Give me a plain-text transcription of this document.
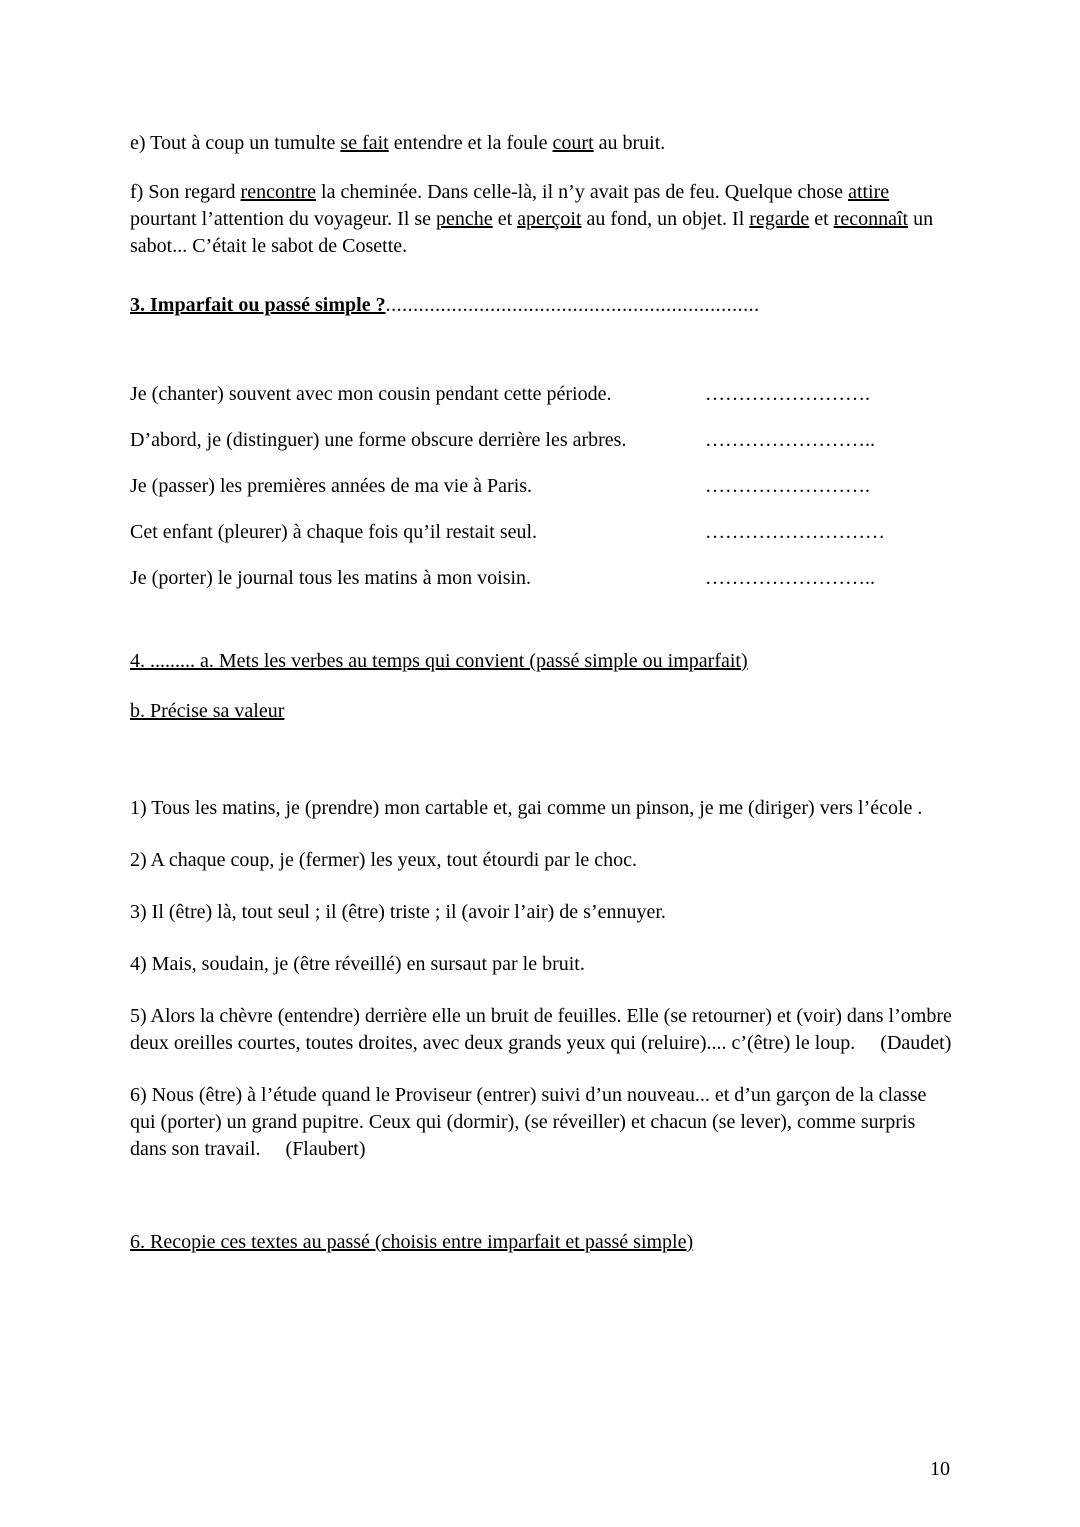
e) Tout à coup un tumulte se fait entendre et la foule court au bruit.

f) Son regard rencontre la cheminée. Dans celle-là, il n’y avait pas de feu. Quelque chose attire pourtant l’attention du voyageur. Il se penche et aperçoit au fond, un objet. Il regarde et reconnaît un sabot... C’était le sabot de Cosette.

3. Imparfait ou passé simple ?....................................................................
Je (chanter) souvent avec mon cousin pendant cette période.	…………………….
D’abord, je (distinguer) une forme obscure derrière les arbres.	……………………..
Je (passer) les premières années de ma vie à Paris.	…………………….
Cet enfant (pleurer) à chaque fois qu’il restait seul.	………………………
Je (porter) le journal tous les matins à mon voisin.	……………………..

4. ......... a. Mets les verbes au temps qui convient (passé simple ou imparfait)

b. Précise sa valeur

1) Tous les matins, je (prendre) mon cartable et, gai comme un pinson, je me (diriger) vers l’école .

2) A chaque coup, je (fermer) les yeux, tout étourdi par le choc.

3) Il (être) là, tout seul ; il (être) triste ; il (avoir l’air) de s’ennuyer.

4) Mais, soudain, je (être réveillé) en sursaut par le bruit.

5) Alors la chèvre (entendre) derrière elle un bruit de feuilles. Elle (se retourner) et (voir) dans l’ombre deux oreilles courtes, toutes droites, avec deux grands yeux qui (reluire).... c’(être) le loup.     (Daudet)

6) Nous (être) à l’étude quand le Proviseur (entrer) suivi d’un nouveau... et d’un garçon de la classe qui (porter) un grand pupitre. Ceux qui (dormir), (se réveiller) et chacun (se lever), comme surpris dans son travail.     (Flaubert)

6. Recopie ces textes au passé (choisis entre imparfait et passé simple)

10
